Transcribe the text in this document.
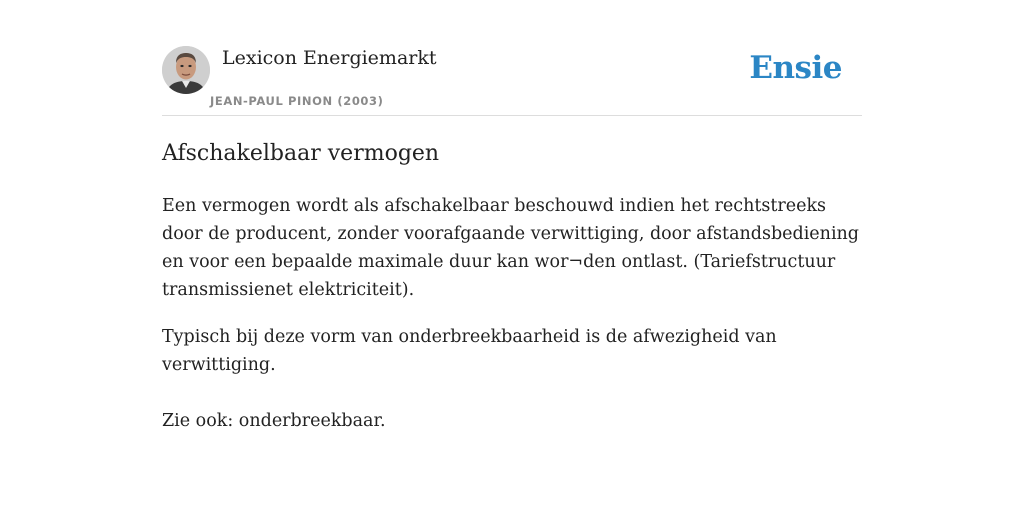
Lexicon Energiemarkt
JEAN-PAUL PINON (2003)
Ensie
Afschakelbaar vermogen

Een vermogen wordt als afschakelbaar beschouwd indien het rechtstreeks door de producent, zonder voorafgaande verwittiging, door afstandsbediening en voor een bepaalde maximale duur kan wor¬den ontlast. (Tariefstructuur transmissienet elektriciteit).

Typisch bij deze vorm van onderbreekbaarheid is de afwezigheid van verwittiging.

Zie ook: onderbreekbaar.
